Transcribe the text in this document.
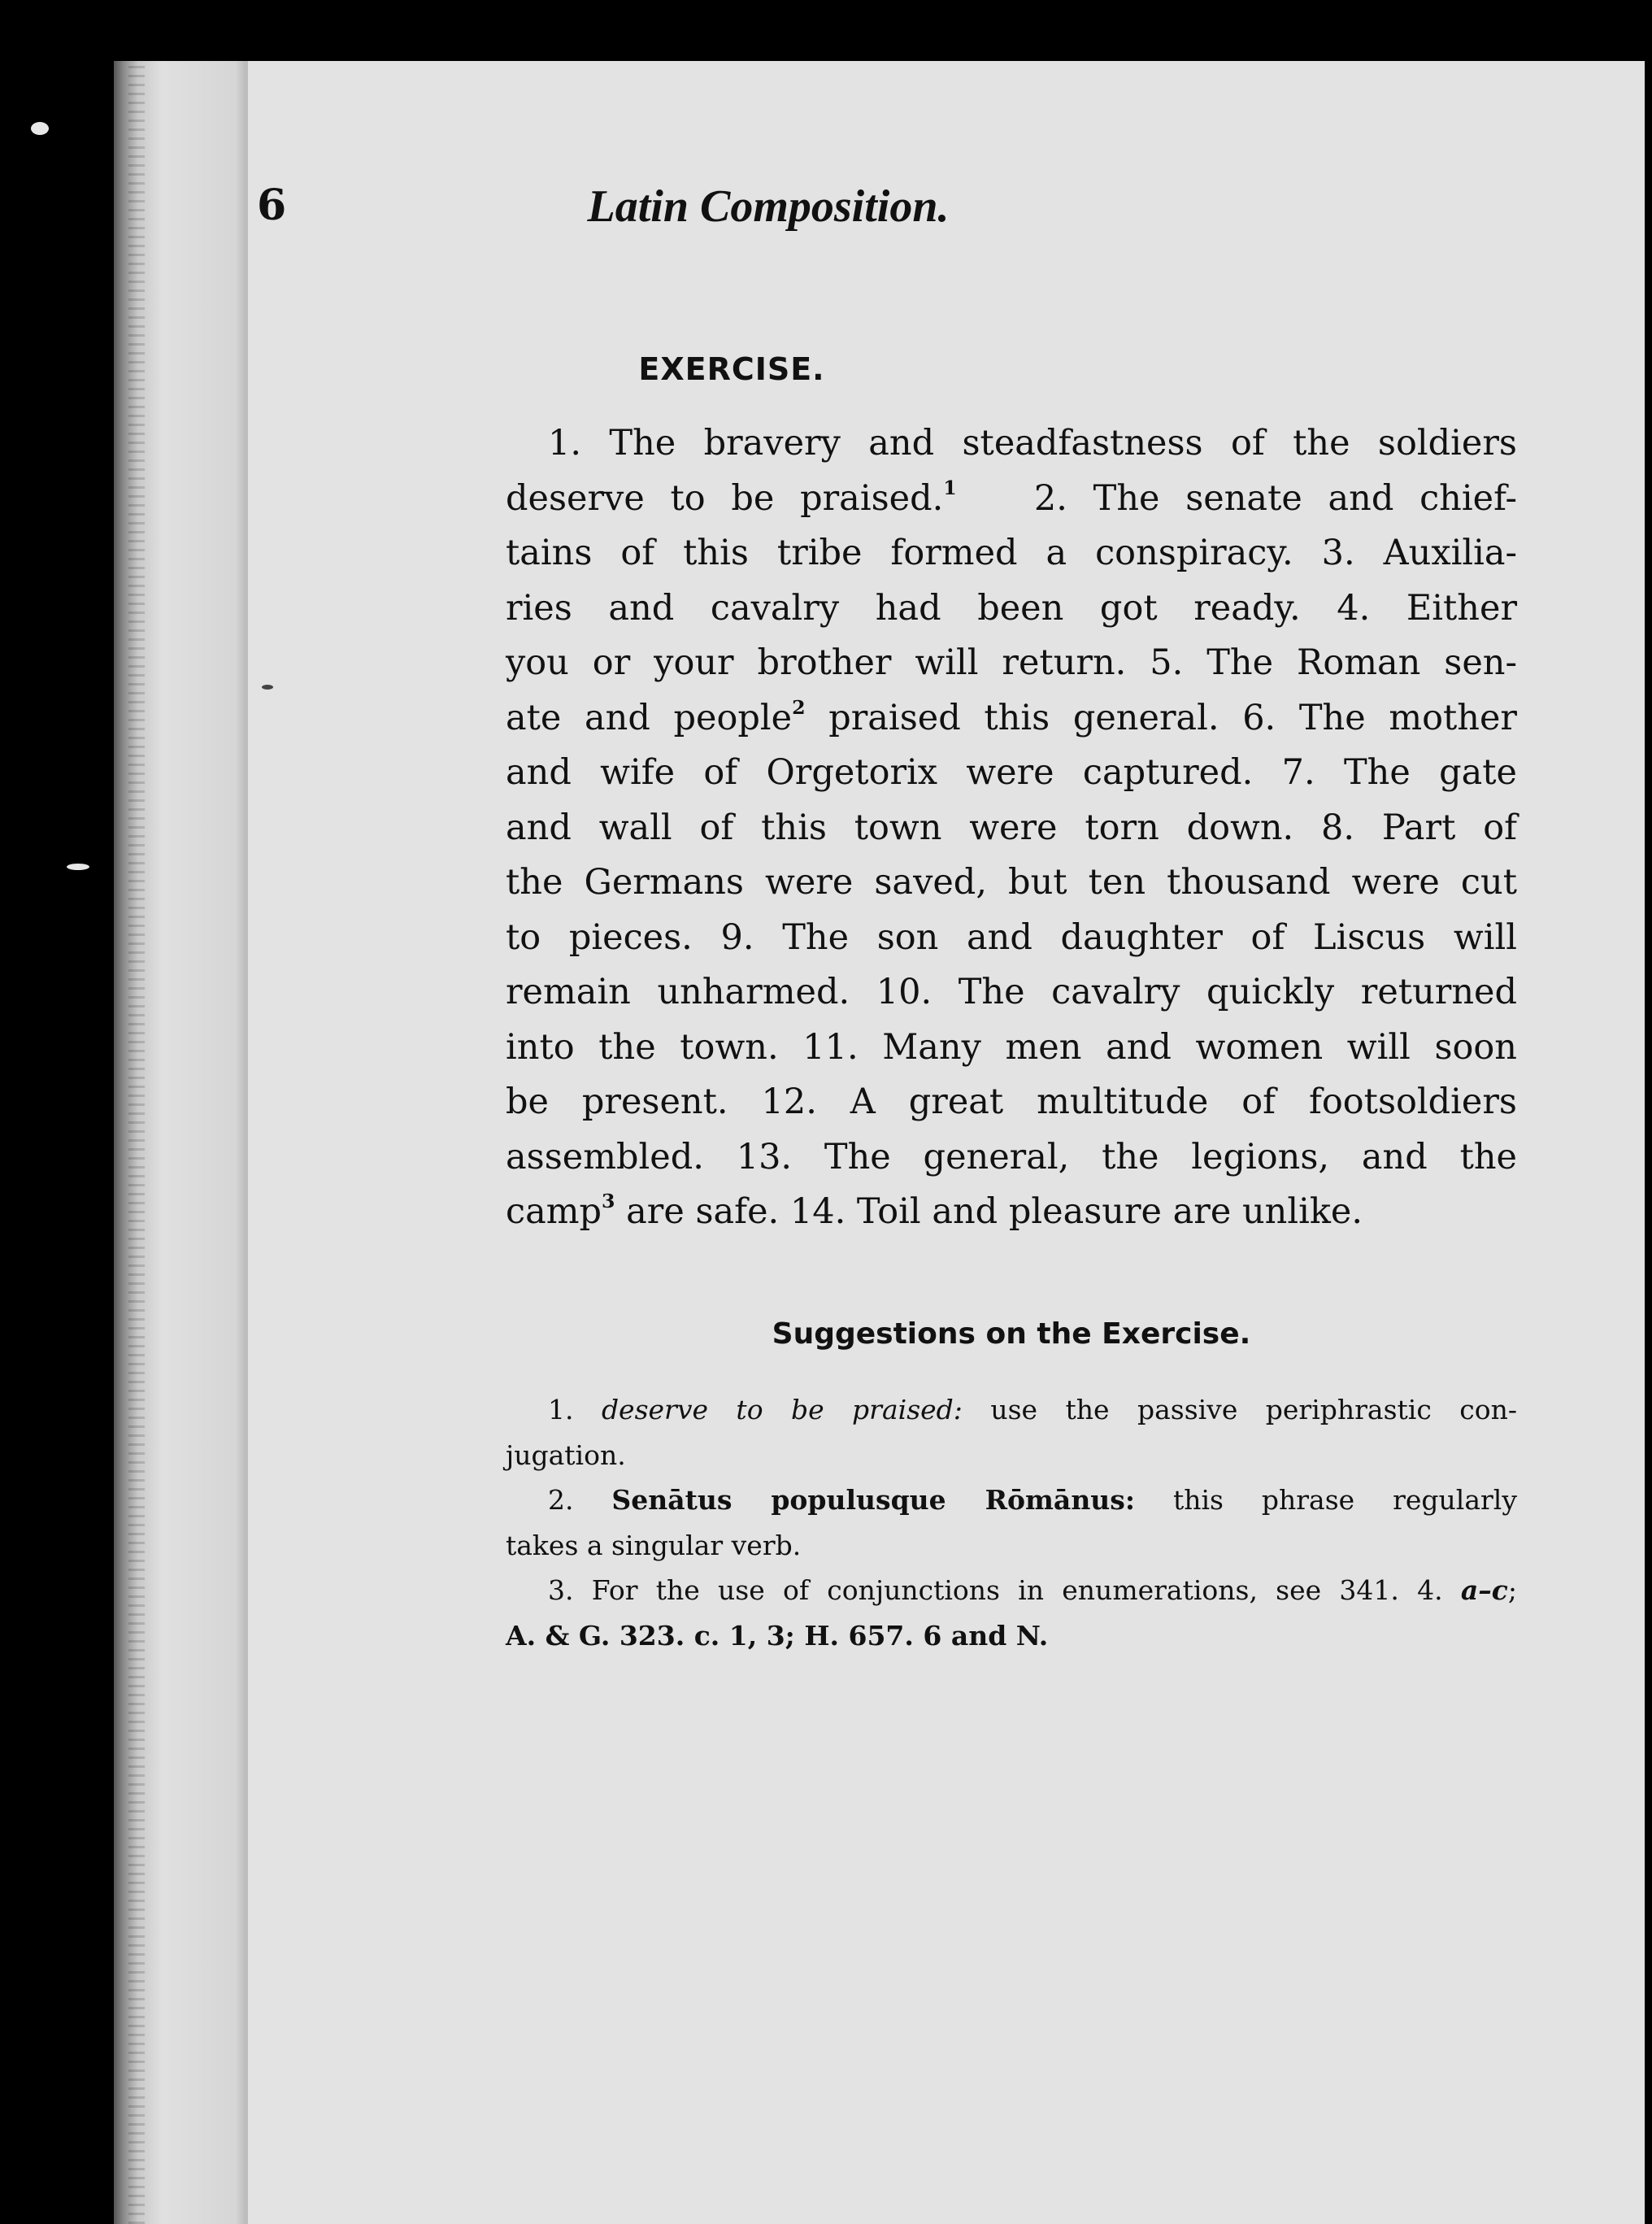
6	Latin Composition.
EXERCISE.
1. The bravery and steadfastness of the soldiers
deserve to be praised.$^1$ 2. The senate and chief-
tains of this tribe formed a conspiracy. 3. Auxilia-
ries and cavalry had been got ready. 4. Either
you or your brother will return. 5. The Roman sen-
ate and people$^2$ praised this general. 6. The mother
and wife of Orgetorix were captured. 7. The gate
and wall of this town were torn down. 8. Part of
the Germans were saved, but ten thousand were cut
to pieces. 9. The son and daughter of Liscus will
remain unharmed. 10. The cavalry quickly returned
into the town. 11. Many men and women will soon
be present. 12. A great multitude of footsoldiers
assembled. 13. The general, the legions, and the
camp$^3$ are safe. 14. Toil and pleasure are unlike.
Suggestions on the Exercise.
1. deserve to be praised: use the passive periphrastic con-
jugation.
2. Senātus populusque Rōmānus: this phrase regularly
takes a singular verb.
3. For the use of conjunctions in enumerations, see 341. 4. a–c;
A. & G. 323. c. 1, 3; H. 657. 6 and N.
